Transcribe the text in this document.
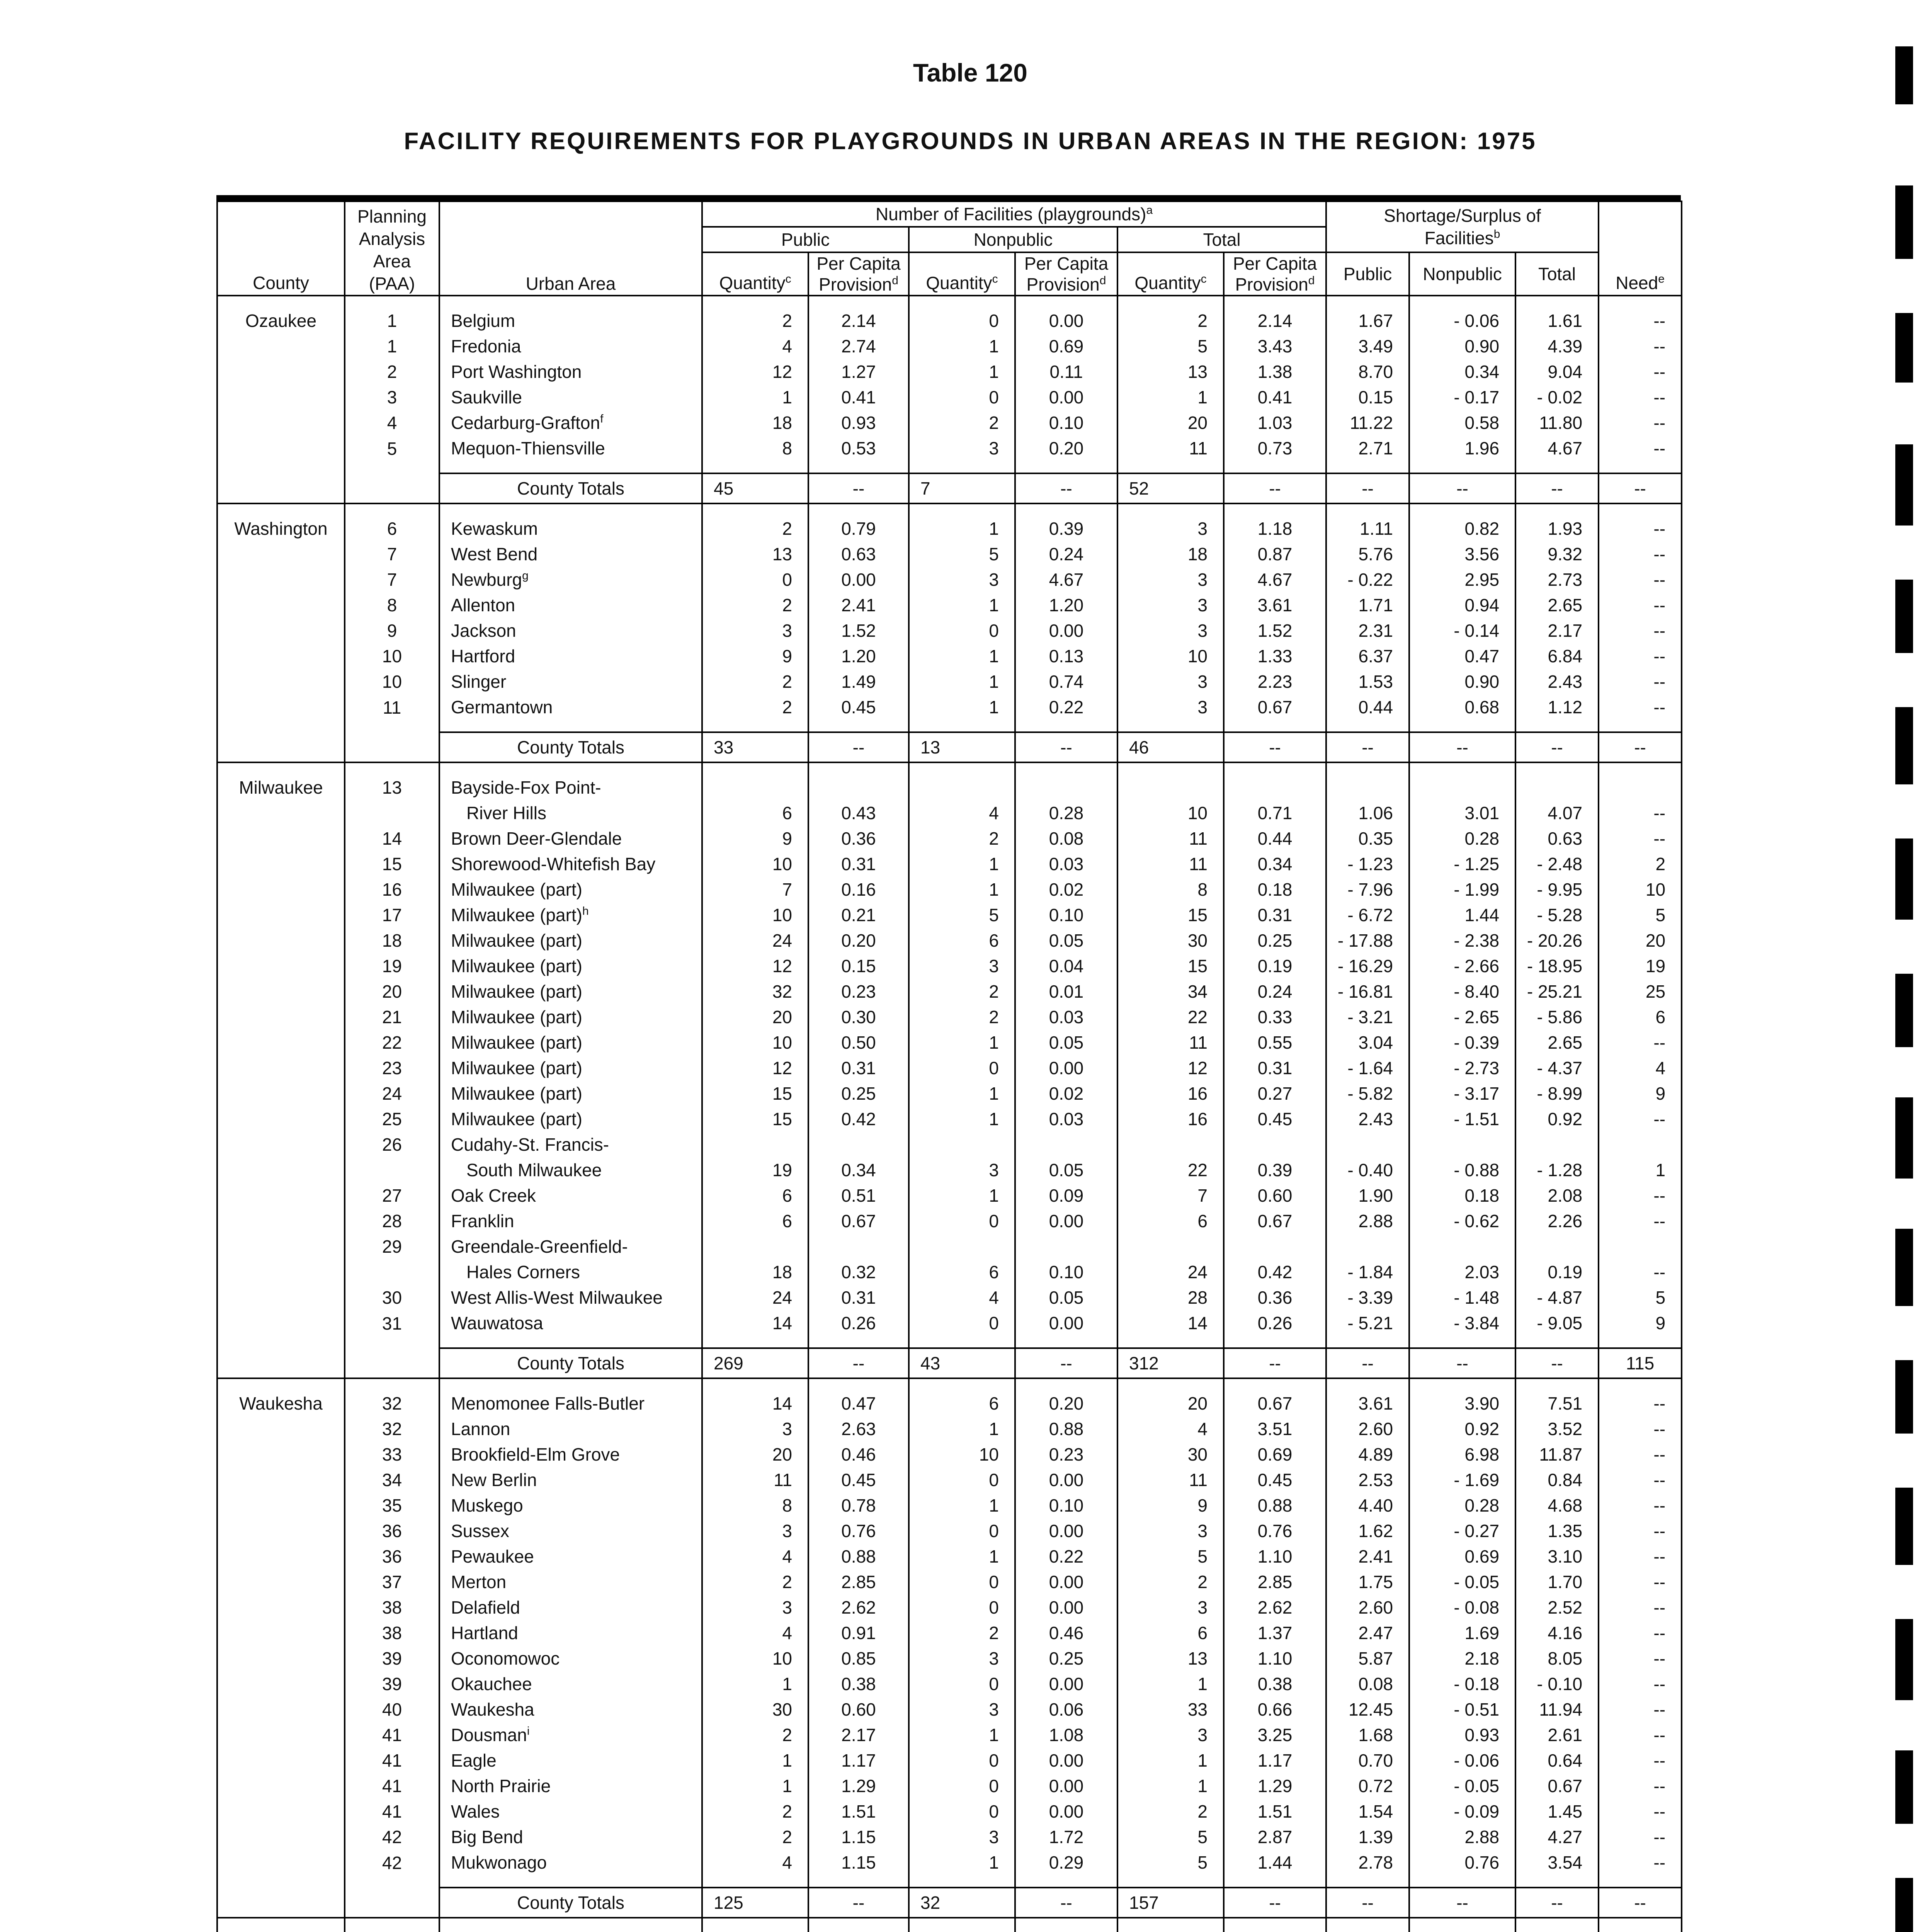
Table 120
FACILITY REQUIREMENTS FOR PLAYGROUNDS IN URBAN AREAS IN THE REGION: 1975
County	Planning Analysis Area (PAA)	Urban Area	Number of Facilities (playgrounds)$^a$						Shortage/Surplus of Facilities$^b$			Need$^e$
			Public		Nonpublic		Total					
			Quantity$^c$	Per Capita Provision$^d$	Quantity$^c$	Per Capita Provision$^d$	Quantity$^c$	Per Capita Provision$^d$	Public	Nonpublic	Total	
Ozaukee	1	Belgium	2	2.14	0	0.00	2	2.14	1.67	- 0.06	1.61	--
	1	Fredonia	4	2.74	1	0.69	5	3.43	3.49	0.90	4.39	--
	2	Port Washington	12	1.27	1	0.11	13	1.38	8.70	0.34	9.04	--
	3	Saukville	1	0.41	0	0.00	1	0.41	0.15	- 0.17	- 0.02	--
	4	Cedarburg-Grafton$^f$	18	0.93	2	0.10	20	1.03	11.22	0.58	11.80	--
	5	Mequon-Thiensville	8	0.53	3	0.20	11	0.73	2.71	1.96	4.67	--
		County Totals	45	--	7	--	52	--	--	--	--	--
Washington	6	Kewaskum	2	0.79	1	0.39	3	1.18	1.11	0.82	1.93	--
	7	West Bend	13	0.63	5	0.24	18	0.87	5.76	3.56	9.32	--
	7	Newburg$^g$	0	0.00	3	4.67	3	4.67	- 0.22	2.95	2.73	--
	8	Allenton	2	2.41	1	1.20	3	3.61	1.71	0.94	2.65	--
	9	Jackson	3	1.52	0	0.00	3	1.52	2.31	- 0.14	2.17	--
	10	Hartford	9	1.20	1	0.13	10	1.33	6.37	0.47	6.84	--
	10	Slinger	2	1.49	1	0.74	3	2.23	1.53	0.90	2.43	--
	11	Germantown	2	0.45	1	0.22	3	0.67	0.44	0.68	1.12	--
		County Totals	33	--	13	--	46	--	--	--	--	--
Milwaukee	13	Bayside-Fox Point-										
		River Hills	6	0.43	4	0.28	10	0.71	1.06	3.01	4.07	--
	14	Brown Deer-Glendale	9	0.36	2	0.08	11	0.44	0.35	0.28	0.63	--
	15	Shorewood-Whitefish Bay	10	0.31	1	0.03	11	0.34	- 1.23	- 1.25	- 2.48	2
	16	Milwaukee (part)	7	0.16	1	0.02	8	0.18	- 7.96	- 1.99	- 9.95	10
	17	Milwaukee (part)$^h$	10	0.21	5	0.10	15	0.31	- 6.72	1.44	- 5.28	5
	18	Milwaukee (part)	24	0.20	6	0.05	30	0.25	- 17.88	- 2.38	- 20.26	20
	19	Milwaukee (part)	12	0.15	3	0.04	15	0.19	- 16.29	- 2.66	- 18.95	19
	20	Milwaukee (part)	32	0.23	2	0.01	34	0.24	- 16.81	- 8.40	- 25.21	25
	21	Milwaukee (part)	20	0.30	2	0.03	22	0.33	- 3.21	- 2.65	- 5.86	6
	22	Milwaukee (part)	10	0.50	1	0.05	11	0.55	3.04	- 0.39	2.65	--
	23	Milwaukee (part)	12	0.31	0	0.00	12	0.31	- 1.64	- 2.73	- 4.37	4
	24	Milwaukee (part)	15	0.25	1	0.02	16	0.27	- 5.82	- 3.17	- 8.99	9
	25	Milwaukee (part)	15	0.42	1	0.03	16	0.45	2.43	- 1.51	0.92	--
	26	Cudahy-St. Francis-										
		South Milwaukee	19	0.34	3	0.05	22	0.39	- 0.40	- 0.88	- 1.28	1
	27	Oak Creek	6	0.51	1	0.09	7	0.60	1.90	0.18	2.08	--
	28	Franklin	6	0.67	0	0.00	6	0.67	2.88	- 0.62	2.26	--
	29	Greendale-Greenfield-										
		Hales Corners	18	0.32	6	0.10	24	0.42	- 1.84	2.03	0.19	--
	30	West Allis-West Milwaukee	24	0.31	4	0.05	28	0.36	- 3.39	- 1.48	- 4.87	5
	31	Wauwatosa	14	0.26	0	0.00	14	0.26	- 5.21	- 3.84	- 9.05	9
		County Totals	269	--	43	--	312	--	--	--	--	115
Waukesha	32	Menomonee Falls-Butler	14	0.47	6	0.20	20	0.67	3.61	3.90	7.51	--
	32	Lannon	3	2.63	1	0.88	4	3.51	2.60	0.92	3.52	--
	33	Brookfield-Elm Grove	20	0.46	10	0.23	30	0.69	4.89	6.98	11.87	--
	34	New Berlin	11	0.45	0	0.00	11	0.45	2.53	- 1.69	0.84	--
	35	Muskego	8	0.78	1	0.10	9	0.88	4.40	0.28	4.68	--
	36	Sussex	3	0.76	0	0.00	3	0.76	1.62	- 0.27	1.35	--
	36	Pewaukee	4	0.88	1	0.22	5	1.10	2.41	0.69	3.10	--
	37	Merton	2	2.85	0	0.00	2	2.85	1.75	- 0.05	1.70	--
	38	Delafield	3	2.62	0	0.00	3	2.62	2.60	- 0.08	2.52	--
	38	Hartland	4	0.91	2	0.46	6	1.37	2.47	1.69	4.16	--
	39	Oconomowoc	10	0.85	3	0.25	13	1.10	5.87	2.18	8.05	--
	39	Okauchee	1	0.38	0	0.00	1	0.38	0.08	- 0.18	- 0.10	--
	40	Waukesha	30	0.60	3	0.06	33	0.66	12.45	- 0.51	11.94	--
	41	Dousman$^i$	2	2.17	1	1.08	3	3.25	1.68	0.93	2.61	--
	41	Eagle	1	1.17	0	0.00	1	1.17	0.70	- 0.06	0.64	--
	41	North Prairie	1	1.29	0	0.00	1	1.29	0.72	- 0.05	0.67	--
	41	Wales	2	1.51	0	0.00	2	1.51	1.54	- 0.09	1.45	--
	42	Big Bend	2	1.15	3	1.72	5	2.87	1.39	2.88	4.27	--
	42	Mukwonago	4	1.15	1	0.29	5	1.44	2.78	0.76	3.54	--
		County Totals	125	--	32	--	157	--	--	--	--	--
